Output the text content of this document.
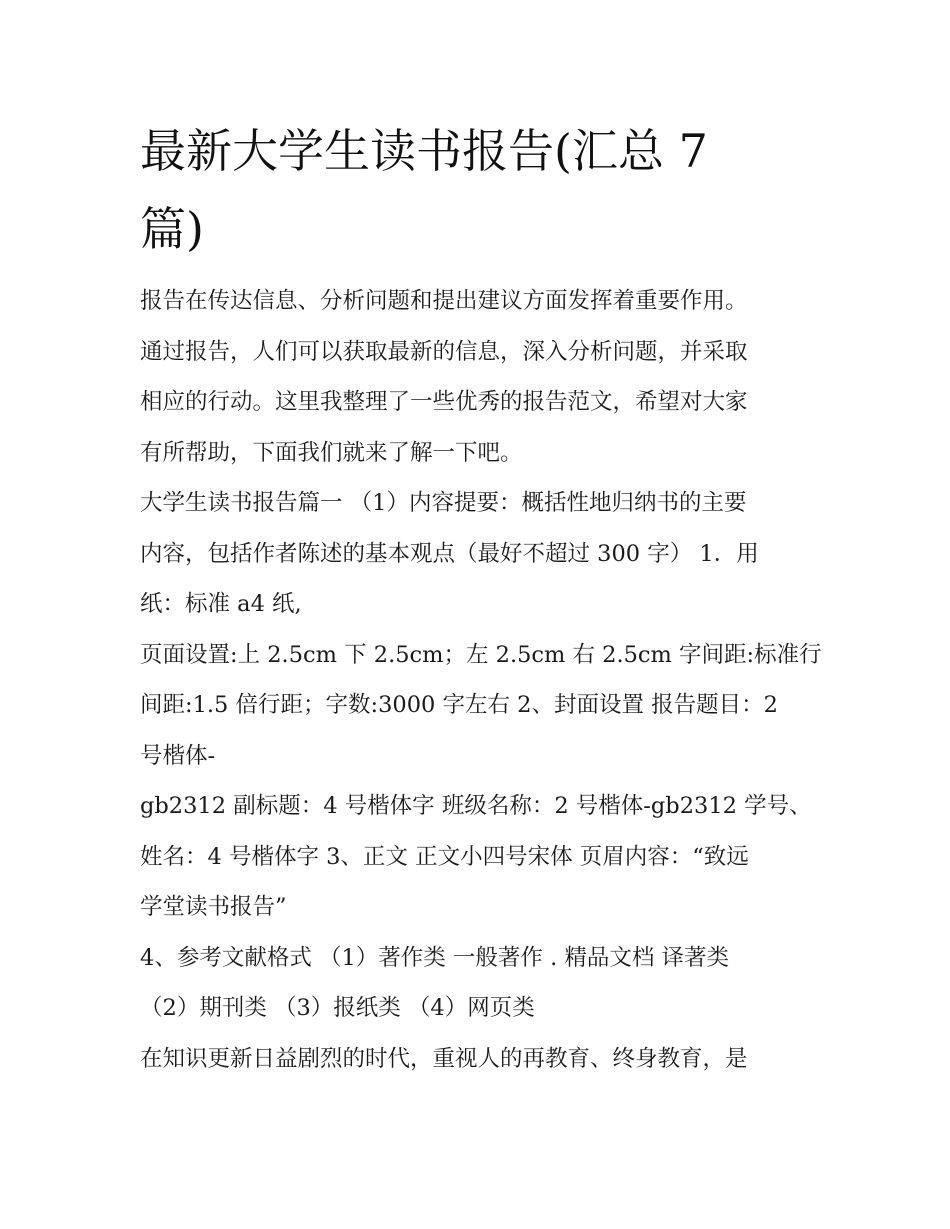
最新大学生读书报告(汇总 7
篇)
报告在传达信息、分析问题和提出建议方面发挥着重要作用。
通过报告，人们可以获取最新的信息，深入分析问题，并采取
相应的行动。这里我整理了一些优秀的报告范文，希望对大家
有所帮助，下面我们就来了解一下吧。
大学生读书报告篇一 （1）内容提要：概括性地归纳书的主要
内容，包括作者陈述的基本观点（最好不超过 300 字） 1．用
纸：标准 a4 纸,
页面设置:上 2.5cm 下 2.5cm；左 2.5cm 右 2.5cm 字间距:标准行
间距:1.5 倍行距；字数:3000 字左右 2、封面设置 报告题目：2
号楷体-
gb2312 副标题：4 号楷体字 班级名称：2 号楷体-gb2312 学号、
姓名：4 号楷体字 3、正文 正文小四号宋体 页眉内容：“致远
学堂读书报告”
4、参考文献格式 （1）著作类 一般著作 . 精品文档 译著类
（2）期刊类 （3）报纸类 （4）网页类
在知识更新日益剧烈的时代，重视人的再教育、终身教育，是
